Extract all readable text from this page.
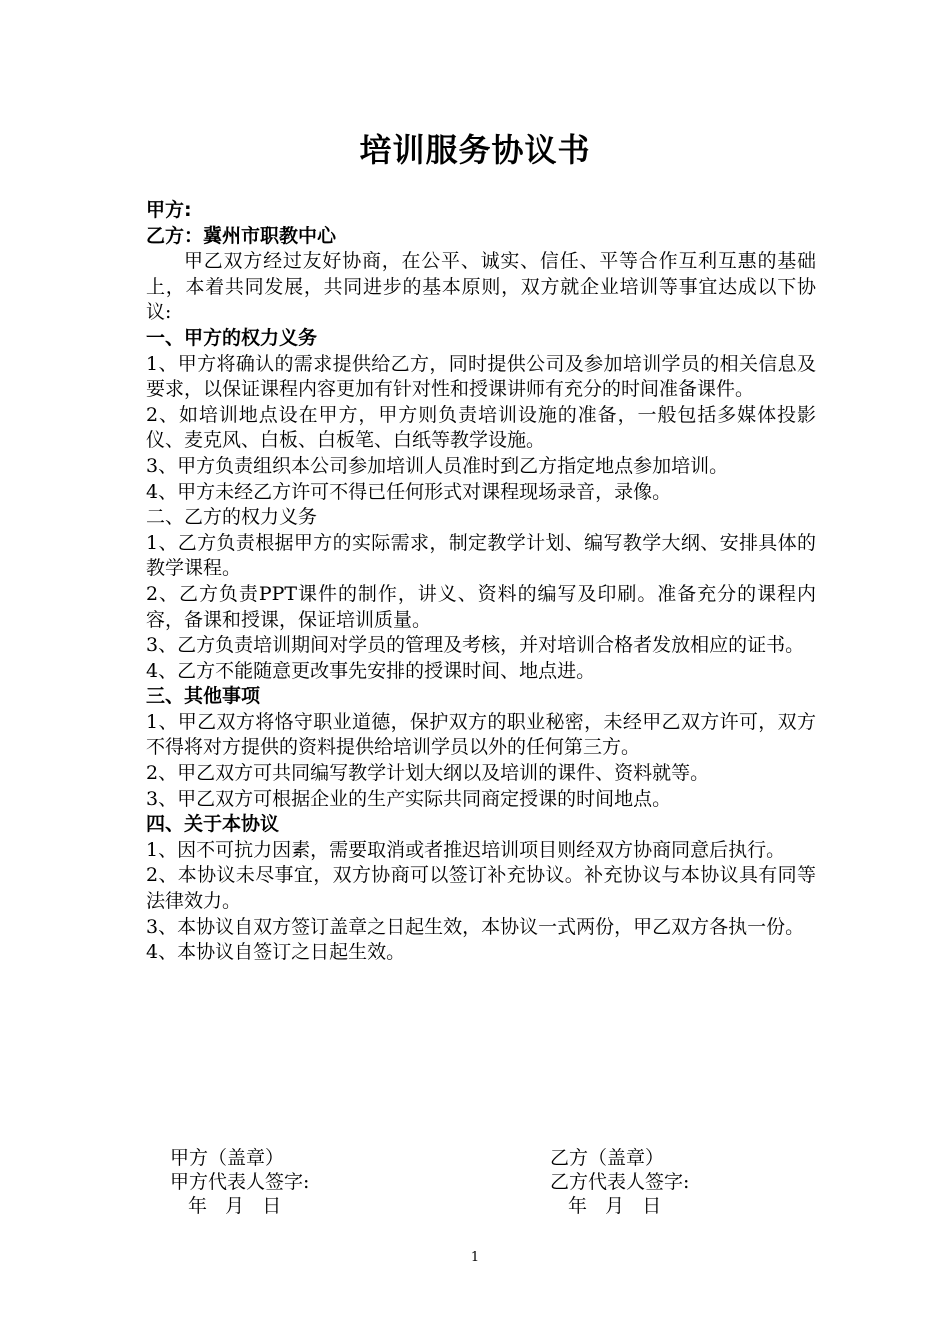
培训服务协议书

甲方:

乙方：冀州市职教中心

甲乙双方经过友好协商，在公平、诚实、信任、平等合作互利互惠的基础上，本着共同发展，共同进步的基本原则，双方就企业培训等事宜达成以下协议:

一、甲方的权力义务

1、甲方将确认的需求提供给乙方，同时提供公司及参加培训学员的相关信息及要求，以保证课程内容更加有针对性和授课讲师有充分的时间准备课件。

2、如培训地点设在甲方，甲方则负责培训设施的准备，一般包括多媒体投影仪、麦克风、白板、白板笔、白纸等教学设施。

3、甲方负责组织本公司参加培训人员准时到乙方指定地点参加培训。

4、甲方未经乙方许可不得已任何形式对课程现场录音，录像。

二、乙方的权力义务

1、乙方负责根据甲方的实际需求，制定教学计划、编写教学大纲、安排具体的教学课程。

2、乙方负责PPT课件的制作，讲义、资料的编写及印刷。准备充分的课程内容，备课和授课，保证培训质量。

3、乙方负责培训期间对学员的管理及考核，并对培训合格者发放相应的证书。

4、乙方不能随意更改事先安排的授课时间、地点进。

三、其他事项

1、甲乙双方将恪守职业道德，保护双方的职业秘密，未经甲乙双方许可，双方不得将对方提供的资料提供给培训学员以外的任何第三方。

2、甲乙双方可共同编写教学计划大纲以及培训的课件、资料就等。

3、甲乙双方可根据企业的生产实际共同商定授课的时间地点。

四、关于本协议

1、因不可抗力因素，需要取消或者推迟培训项目则经双方协商同意后执行。

2、本协议未尽事宜，双方协商可以签订补充协议。补充协议与本协议具有同等法律效力。

3、本协议自双方签订盖章之日起生效，本协议一式两份，甲乙双方各执一份。

4、本协议自签订之日起生效。

甲方（盖章）
甲方代表人签字:
年   月   日
乙方（盖章）
乙方代表人签字:
年   月   日
1
